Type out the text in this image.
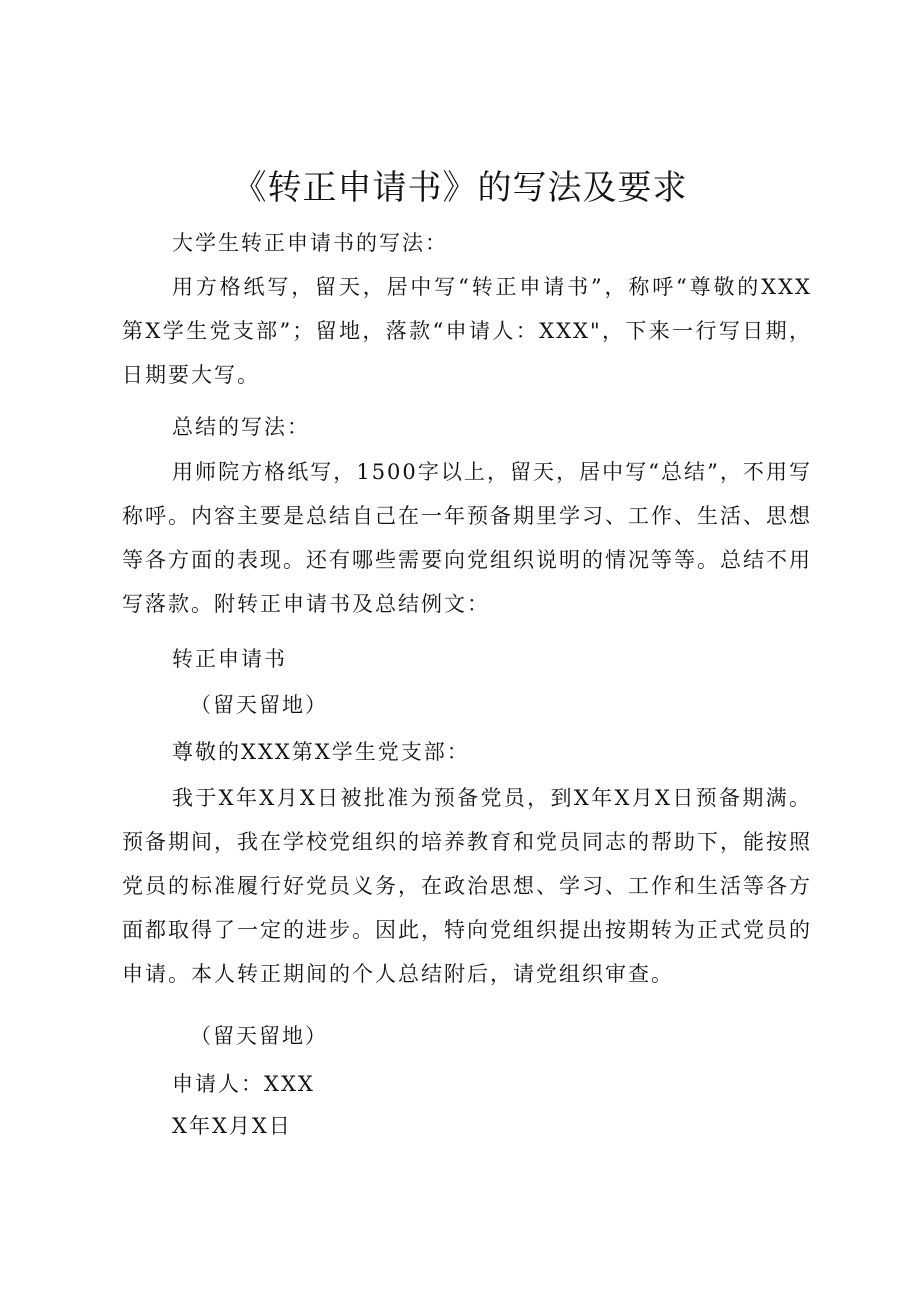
《转正申请书》的写法及要求

大学生转正申请书的写法：

用方格纸写，留天，居中写“转正申请书”，称呼“尊敬的XXX第X学生党支部”；留地，落款“申请人：XXX"，下来一行写日期，日期要大写。

总结的写法：

用师院方格纸写，1500字以上，留天，居中写“总结”，不用写称呼。内容主要是总结自己在一年预备期里学习、工作、生活、思想等各方面的表现。还有哪些需要向党组织说明的情况等等。总结不用写落款。附转正申请书及总结例文：

转正申请书

（留天留地）

尊敬的XXX第X学生党支部：

我于X年X月X日被批准为预备党员，到X年X月X日预备期满。预备期间，我在学校党组织的培养教育和党员同志的帮助下，能按照党员的标准履行好党员义务，在政治思想、学习、工作和生活等各方面都取得了一定的进步。因此，特向党组织提出按期转为正式党员的申请。本人转正期间的个人总结附后，请党组织审查。

（留天留地）

申请人：XXX

X年X月X日
